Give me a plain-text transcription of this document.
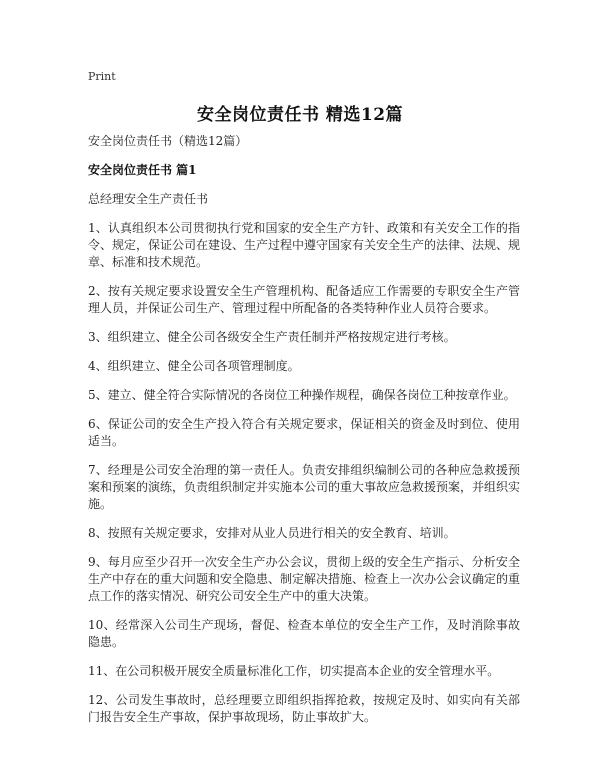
Print
安全岗位责任书 精选12篇

安全岗位责任书（精选12篇）

安全岗位责任书 篇1

总经理安全生产责任书

1、认真组织本公司贯彻执行党和国家的安全生产方针、政策和有关安全工作的指令、规定，保证公司在建设、生产过程中遵守国家有关安全生产的法律、法规、规章、标准和技术规范。

2、按有关规定要求设置安全生产管理机构、配备适应工作需要的专职安全生产管理人员，并保证公司生产、管理过程中所配备的各类特种作业人员符合要求。

3、组织建立、健全公司各级安全生产责任制并严格按规定进行考核。

4、组织建立、健全公司各项管理制度。

5、建立、健全符合实际情况的各岗位工种操作规程，确保各岗位工种按章作业。

6、保证公司的安全生产投入符合有关规定要求，保证相关的资金及时到位、使用适当。

7、经理是公司安全治理的第一责任人。负责安排组织编制公司的各种应急救援预案和预案的演练，负责组织制定并实施本公司的重大事故应急救援预案，并组织实施。

8、按照有关规定要求，安排对从业人员进行相关的安全教育、培训。

9、每月应至少召开一次安全生产办公会议，贯彻上级的安全生产指示、分析安全生产中存在的重大问题和安全隐患、制定解决措施、检查上一次办公会议确定的重点工作的落实情况、研究公司安全生产中的重大决策。

10、经常深入公司生产现场，督促、检查本单位的安全生产工作，及时消除事故隐患。

11、在公司积极开展安全质量标准化工作，切实提高本企业的安全管理水平。

12、公司发生事故时，总经理要立即组织指挥抢救，按规定及时、如实向有关部门报告安全生产事故，保护事故现场，防止事故扩大。
